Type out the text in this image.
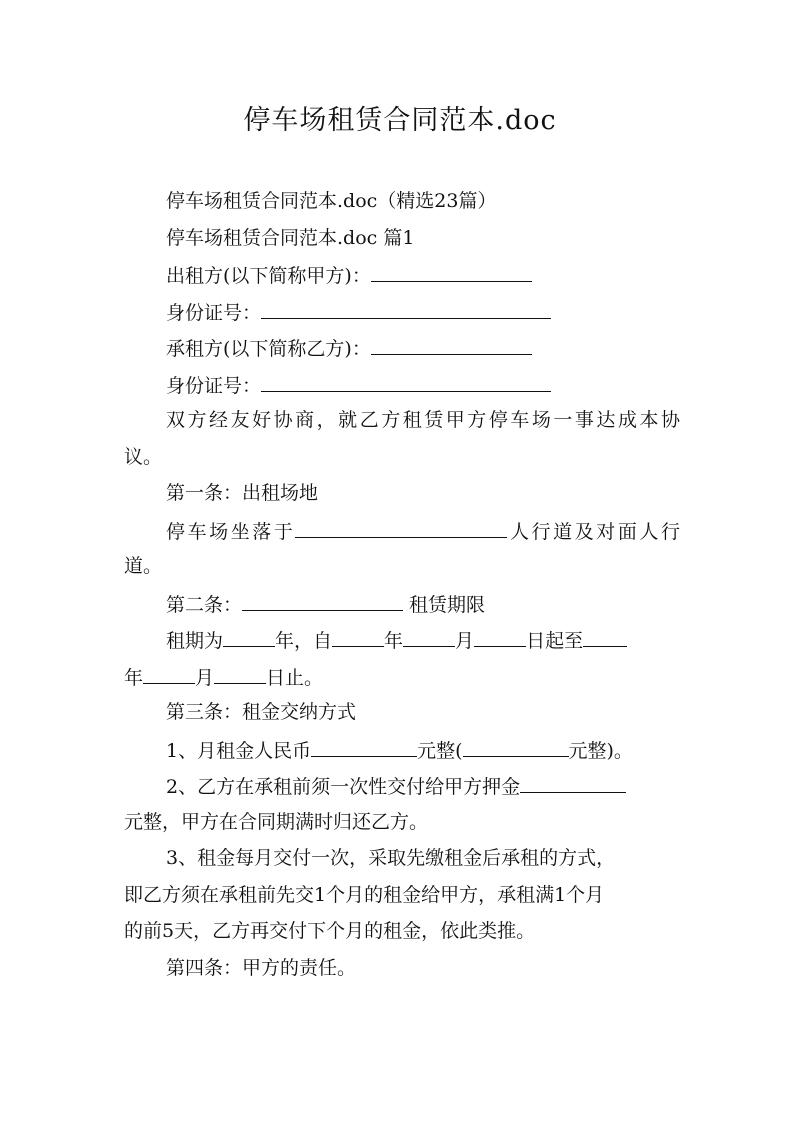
停车场租赁合同范本.doc
停车场租赁合同范本.doc（精选23篇）
停车场租赁合同范本.doc 篇1
出租方(以下简称甲方)：
身份证号：
承租方(以下简称乙方)：
身份证号：
双方经友好协商，就乙方租赁甲方停车场一事达成本协
议。
第一条：出租场地
停车场坐落于	人行道及对面人行
道。
第二条：	租赁期限
租期为	年，自	年	月	日起至
年	月	日止。
第三条：租金交纳方式
1、月租金人民币	元整(	元整)。
2、乙方在承租前须一次性交付给甲方押金
元整，甲方在合同期满时归还乙方。
3、租金每月交付一次，采取先缴租金后承租的方式，
即乙方须在承租前先交1个月的租金给甲方，承租满1个月
的前5天，乙方再交付下个月的租金，依此类推。
第四条：甲方的责任。
